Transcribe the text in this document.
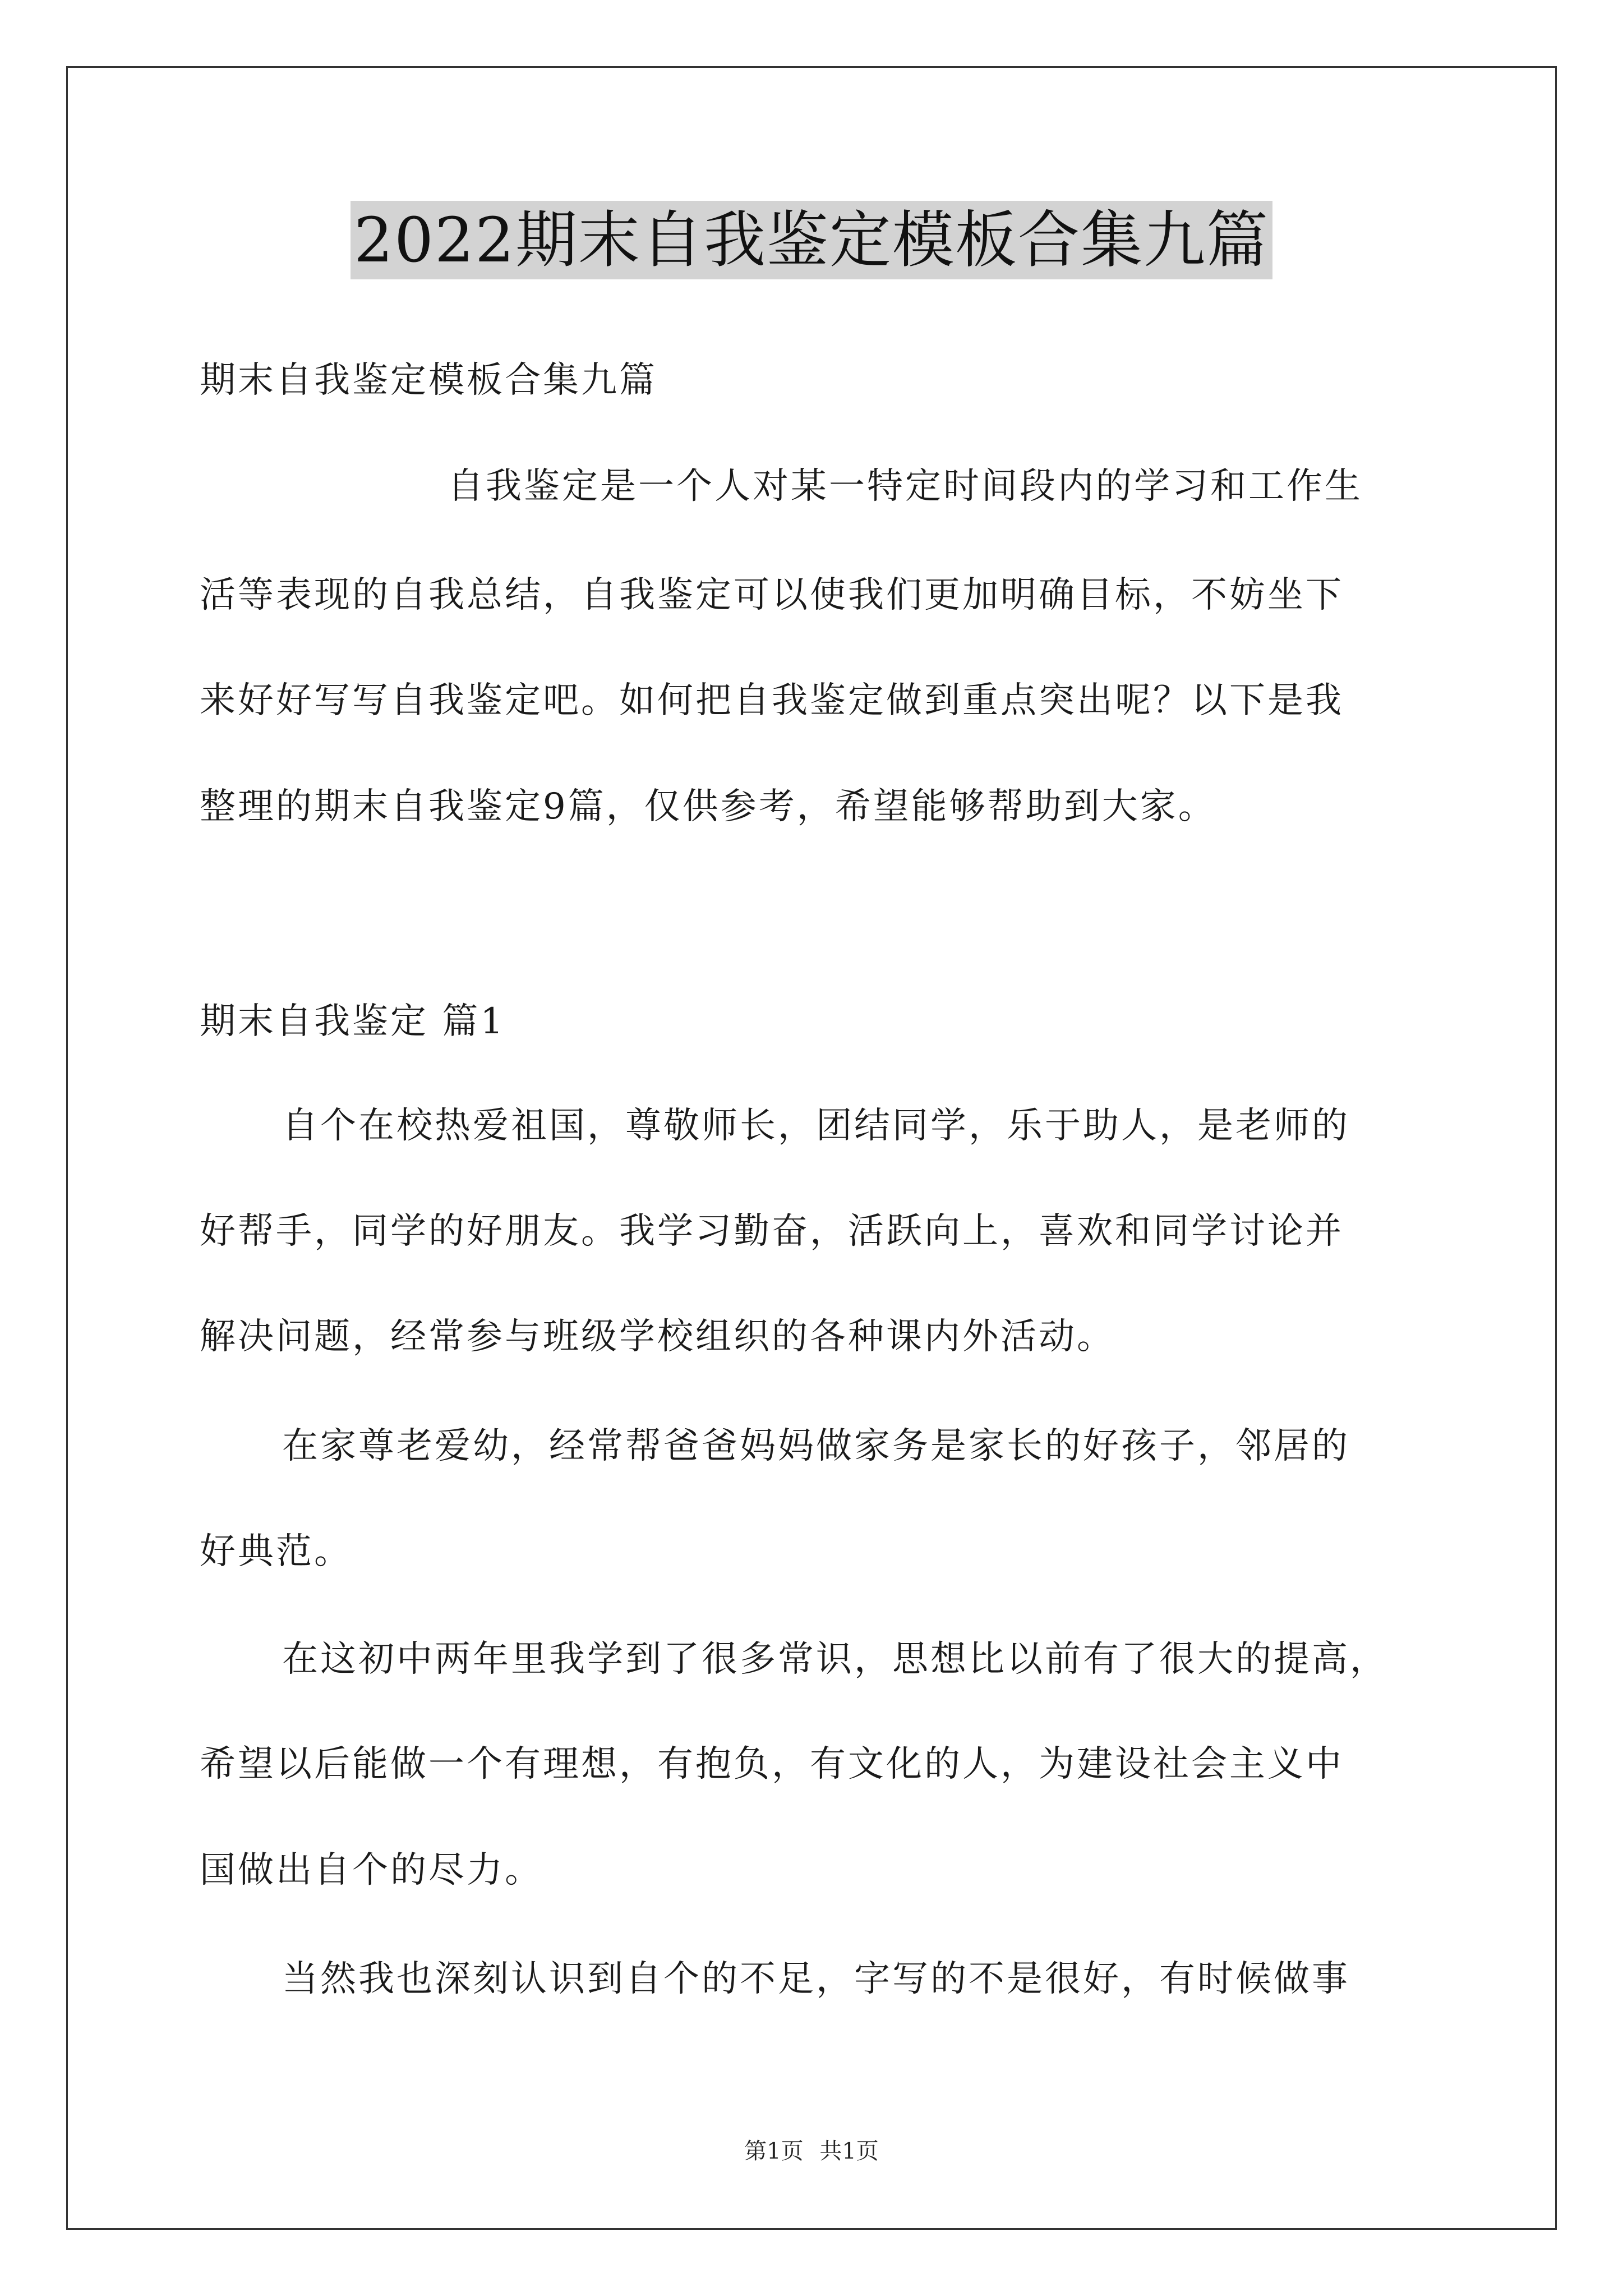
2022期末自我鉴定模板合集九篇
期末自我鉴定模板合集九篇
自我鉴定是一个人对某一特定时间段内的学习和工作生
活等表现的自我总结，自我鉴定可以使我们更加明确目标，不妨坐下
来好好写写自我鉴定吧。如何把自我鉴定做到重点突出呢？以下是我
整理的期末自我鉴定9篇，仅供参考，希望能够帮助到大家。
期末自我鉴定 篇1
自个在校热爱祖国，尊敬师长，团结同学，乐于助人，是老师的
好帮手，同学的好朋友。我学习勤奋，活跃向上，喜欢和同学讨论并
解决问题，经常参与班级学校组织的各种课内外活动。
在家尊老爱幼，经常帮爸爸妈妈做家务是家长的好孩子，邻居的
好典范。
在这初中两年里我学到了很多常识，思想比以前有了很大的提高，
希望以后能做一个有理想，有抱负，有文化的人，为建设社会主义中
国做出自个的尽力。
当然我也深刻认识到自个的不足，字写的不是很好，有时候做事
第1页 共1页
